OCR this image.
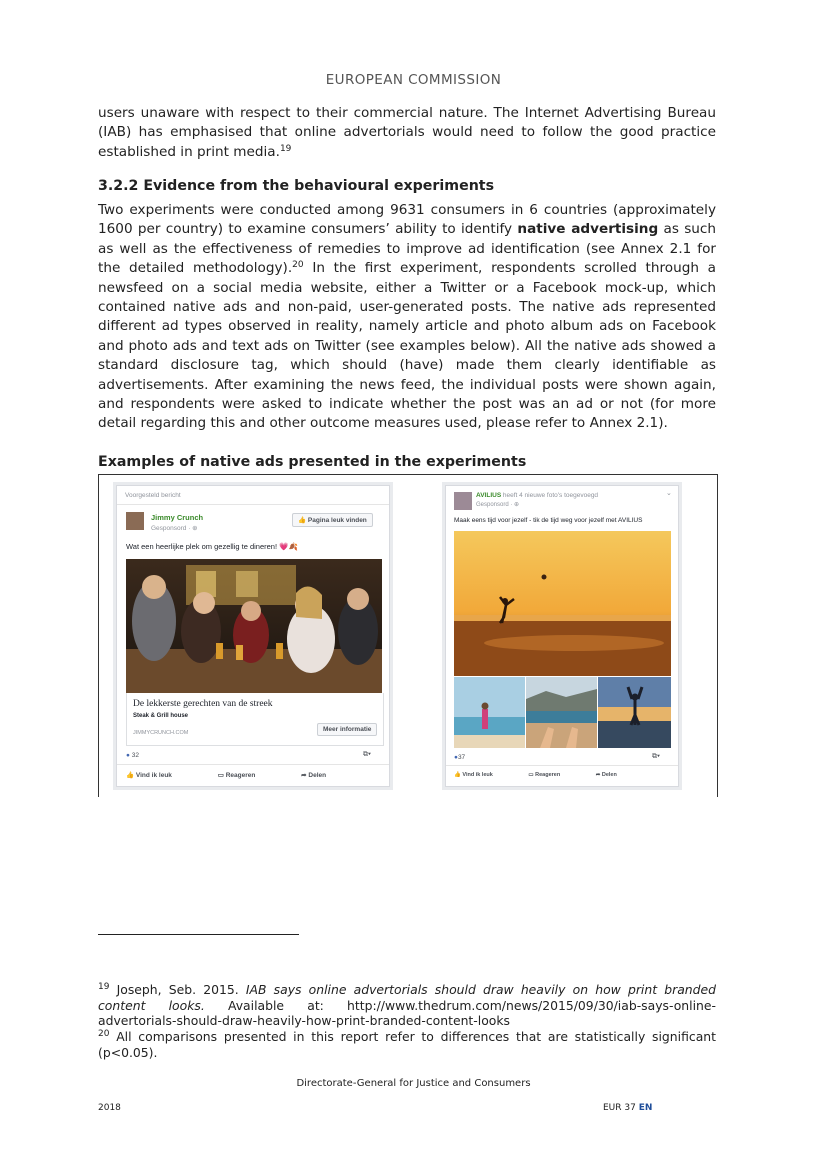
EUROPEAN COMMISSION
users unaware with respect to their commercial nature. The Internet Advertising Bureau (IAB) has emphasised that online advertorials would need to follow the good practice established in print media.$^{19}$
3.2.2 Evidence from the behavioural experiments
Two experiments were conducted among 9631 consumers in 6 countries (approximately 1600 per country) to examine consumers’ ability to identify native advertising as such as well as the effectiveness of remedies to improve ad identification (see Annex 2.1 for the detailed methodology).$^{20}$ In the first experiment, respondents scrolled through a newsfeed on a social media website, either a Twitter or a Facebook mock-up, which contained native ads and non-paid, user-generated posts. The native ads represented different ad types observed in reality, namely article and photo album ads on Facebook and photo ads and text ads on Twitter (see examples below). All the native ads showed a standard disclosure tag, which should (have) made them clearly identifiable as advertisements. After examining the news feed, the individual posts were shown again, and respondents were asked to indicate whether the post was an ad or not (for more detail regarding this and other outcome measures used, please refer to Annex 2.1).
Examples of native ads presented in the experiments
Voorgesteld bericht
Jimmy Crunch
Gesponsord · ⊕
👍 Pagina leuk vinden
Wat een heerlijke plek om gezellig te dineren! 💗🍂
De lekkerste gerechten van de streek
Steak & Grill house
JIMMYCRUNCH.COM	Meer informatie
● 32	⧉▾
👍 Vind ik leuk	▭ Reageren	➦ Delen
AVILIUS heeft 4 nieuwe foto's toegevoegd
Gesponsord · ⊕
⌄
Maak eens tijd voor jezelf - tik de tijd weg voor jezelf met AVILIUS
●37	⧉▾
👍 Vind ik leuk	▭ Reageren	➦ Delen
$^{19}$ Joseph, Seb. 2015. IAB says online advertorials should draw heavily on how print branded content looks. Available at: http://www.thedrum.com/news/2015/09/30/iab-says-online-advertorials-should-draw-heavily-how-print-branded-content-looks
$^{20}$ All comparisons presented in this report refer to differences that are statistically significant (p<0.05).
Directorate-General for Justice and Consumers
2018	EUR 37 EN
